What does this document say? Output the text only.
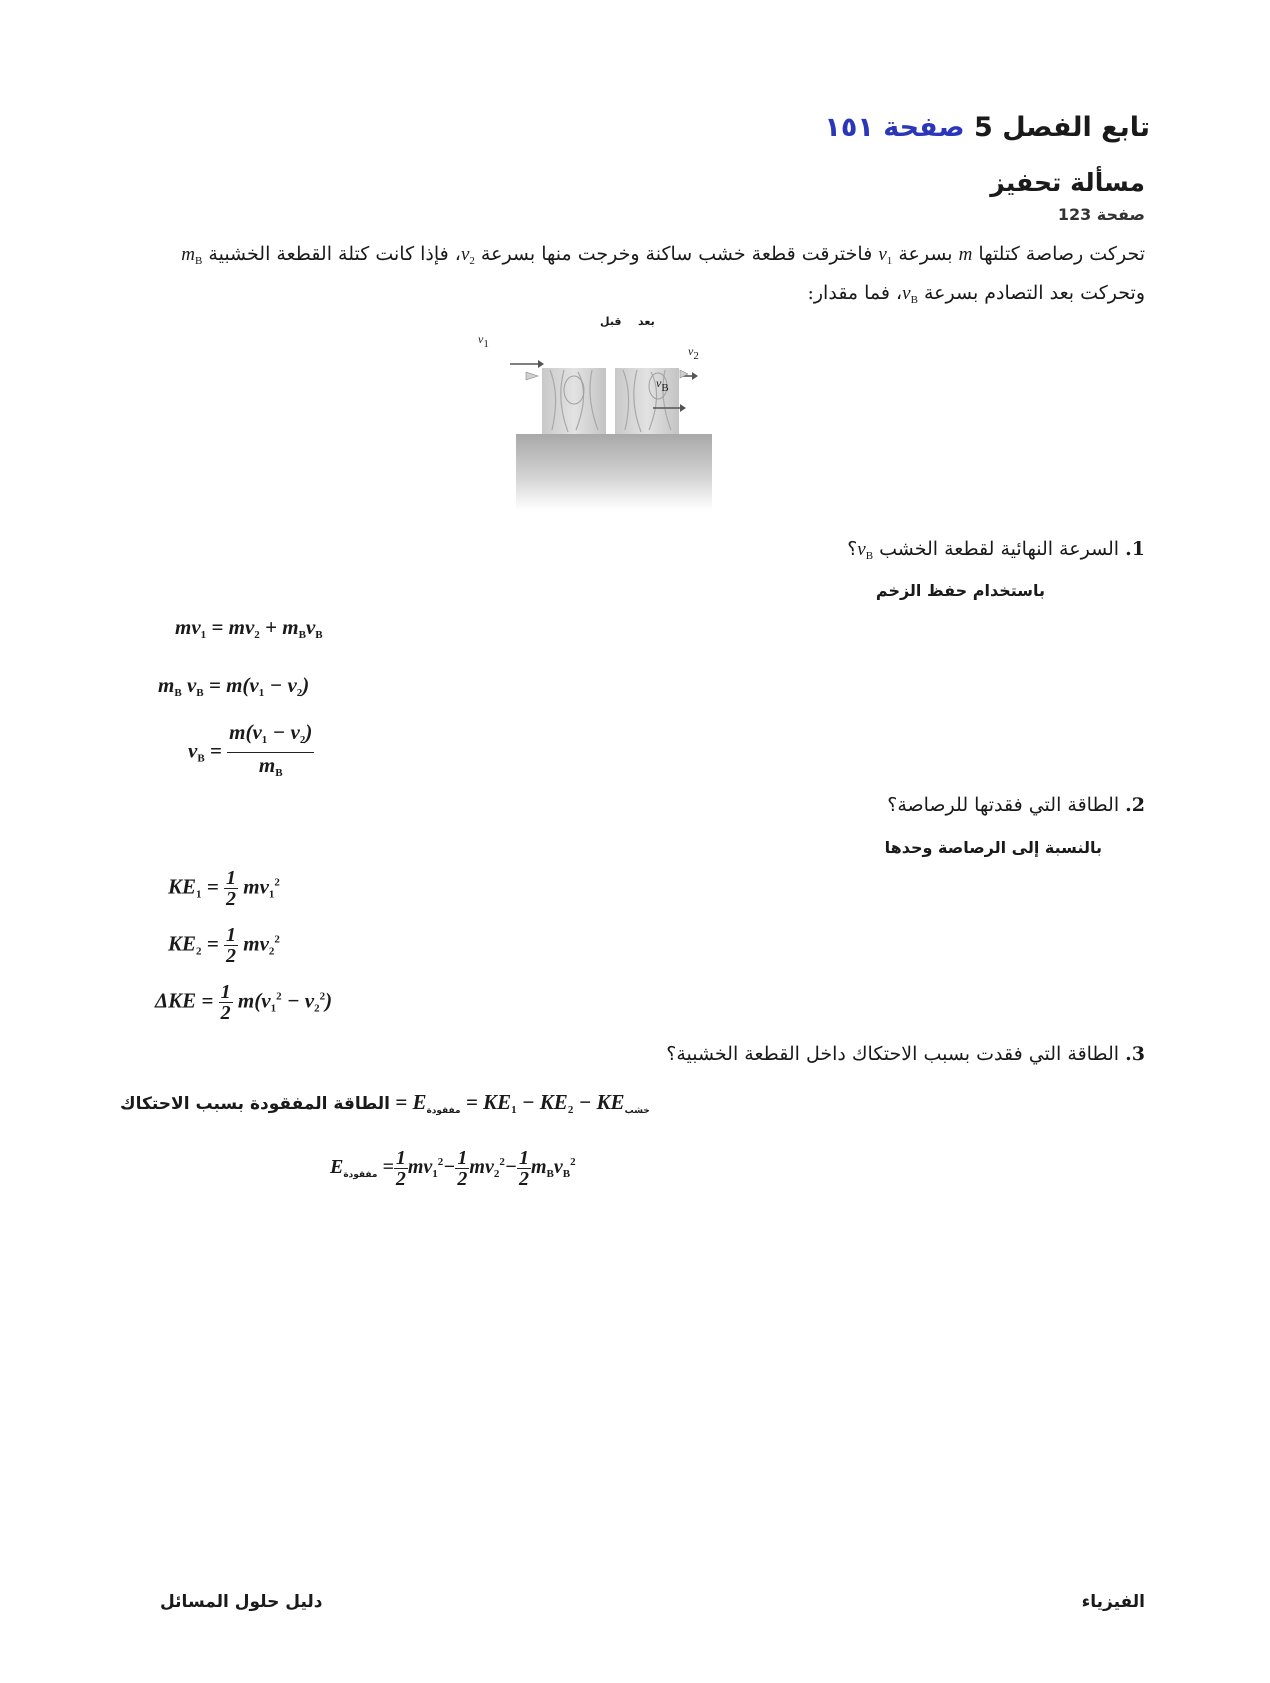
تابع الفصل 5 صفحة ١٥١
مسألة تحفيز
صفحة 123
تحركت رصاصة كتلتها m بسرعة $v_1$ فاخترقت قطعة خشب ساكنة وخرجت منها بسرعة $v_2،$ فإذا كانت كتلة القطعة الخشبية $m_B$
وتحركت بعد التصادم بسرعة $v_B،$ فما مقدار:
قبل بعد
$v_1$	$v_2$
$v_B$
1. السرعة النهائية لقطعة الخشب $v_B؟$
باستخدام حفظ الزخم
$mv_1 = mv_2 + m_Bv_B$
$m_B$ $v_B = m(v_1 - v_2)$
$v_B = \frac{m(v_1 - v_2)}{m_B}$
2. الطاقة التي فقدتها للرصاصة؟
بالنسبة إلى الرصاصة وحدها
$KE_1 = \frac{1}{2} mv_1^2$
$KE_2 = \frac{1}{2} mv_2^2$
$\Delta KE = \frac{1}{2} m(v_1^2 - v_2^2)$
3. الطاقة التي فقدت بسبب الاحتكاك داخل القطعة الخشبية؟
الطاقة المفقودة بسبب الاحتكاك = $E_{مفقودة} = KE_1 - KE_2 - KE_{خشب}$
$E_{مفقودة} = \frac{1}{2} mv_1^2- \frac{1}{2} mv_2^2- \frac{1}{2} m_Bv_B^2$
دليل حلول المسائل	الفيزياء
